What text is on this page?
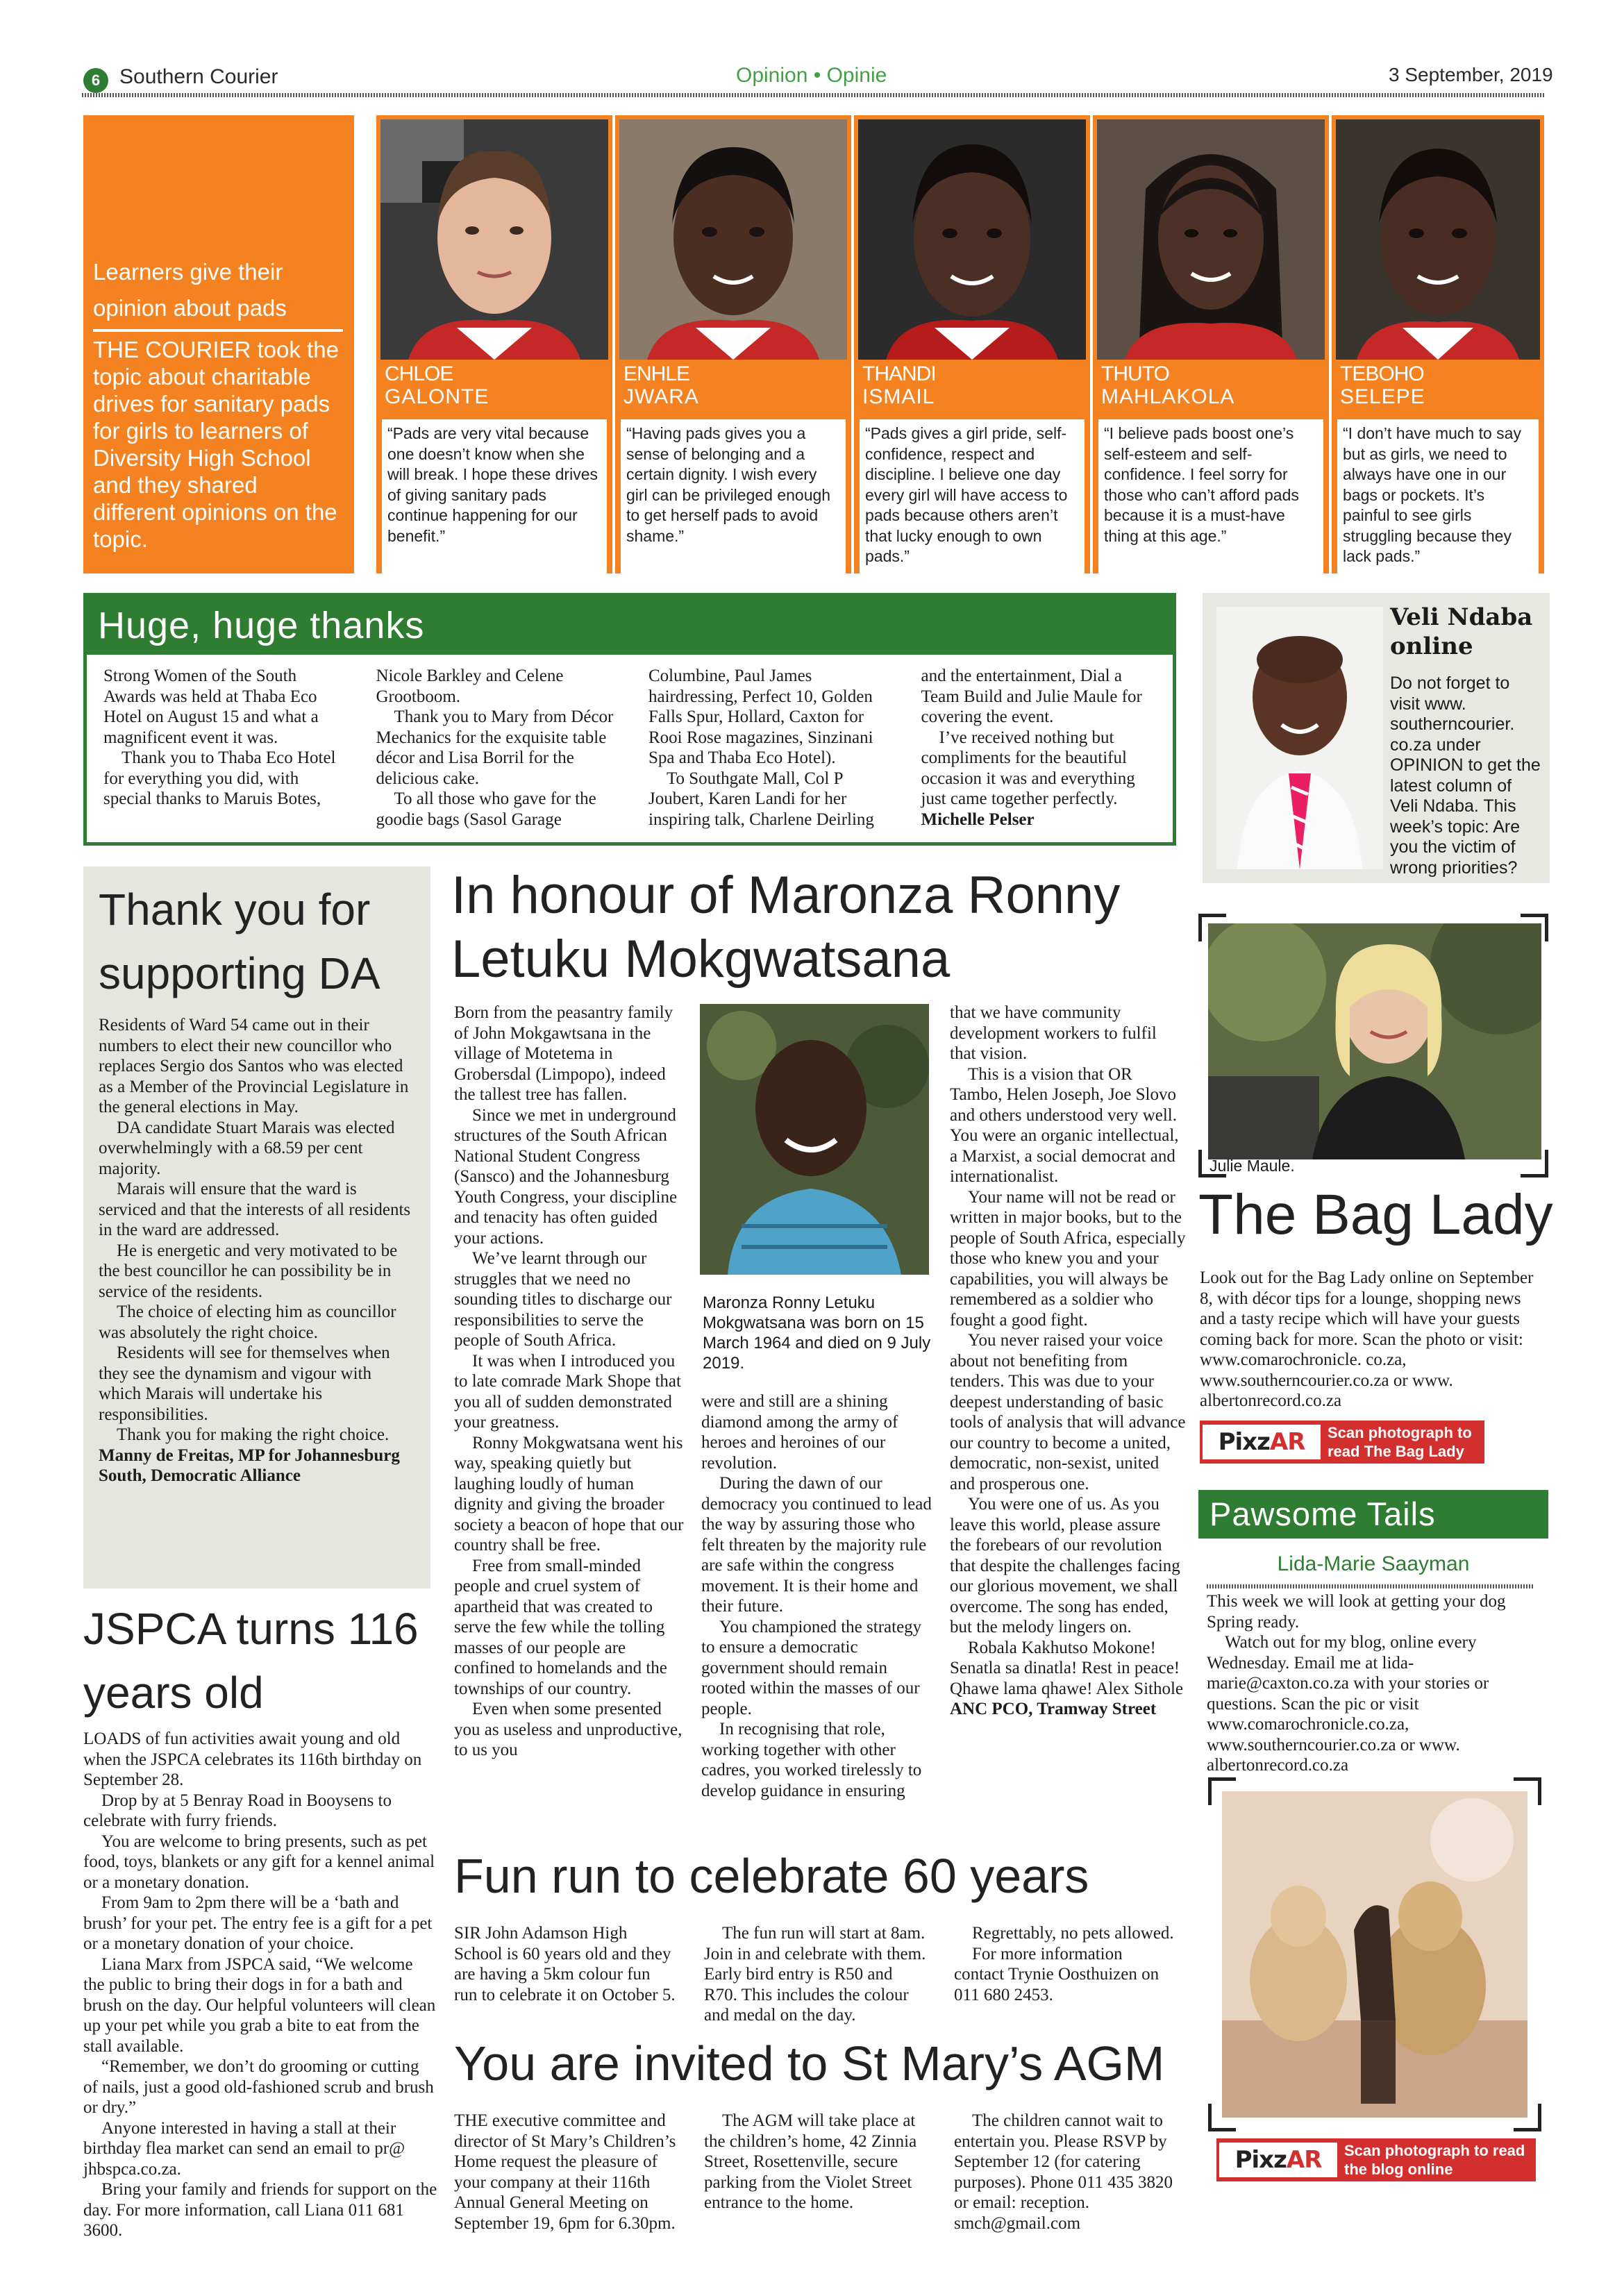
6 Southern Courier	Opinion • Opinie	3 September, 2019
Learners give their opinion about pads
THE COURIER took the topic about charitable drives for sanitary pads for girls to learners of Diversity High School and they shared different opinions on the topic.
CHLOE
GALONTE
“Pads are very vital because one doesn’t know when she will break. I hope these drives of giving sanitary pads continue happening for our benefit.”
ENHLE
JWARA
“Having pads gives you a sense of belonging and a certain dignity. I wish every girl can be privileged enough to get herself pads to avoid shame.”
THANDI
ISMAIL
“Pads gives a girl pride, self-confidence, respect and discipline. I believe one day every girl will have access to pads because others aren’t that lucky enough to own pads.”
THUTO
MAHLAKOLA
“I believe pads boost one’s self-esteem and self-confidence. I feel sorry for those who can’t afford pads because it is a must-have thing at this age.”
TEBOHO
SELEPE
“I don’t have much to say but as girls, we need to always have one in our bags or pockets. It’s painful to see girls struggling because they lack pads.”
Huge, huge thanks

Strong Women of the South Awards was held at Thaba Eco Hotel on August 15 and what a magnificent event it was.

Thank you to Thaba Eco Hotel for everything you did, with special thanks to Maruis Botes, Nicole Barkley and Celene Grootboom.

Thank you to Mary from Décor Mechanics for the exquisite table décor and Lisa Borril for the delicious cake.

To all those who gave for the goodie bags (Sasol Garage Columbine, Paul James hairdressing, Perfect 10, Golden Falls Spur, Hollard, Caxton for Rooi Rose magazines, Sinzinani Spa and Thaba Eco Hotel).

To Southgate Mall, Col P Joubert, Karen Landi for her inspiring talk, Charlene Deirling and the entertainment, Dial a Team Build and Julie Maule for covering the event.

I’ve received nothing but compliments for the beautiful occasion it was and everything just came together perfectly.

Michelle Pelser

Veli Ndaba online
Do not forget to visit www. southerncourier. co.za under OPINION to get the latest column of Veli Ndaba. This week’s topic: Are you the victim of wrong priorities?
Thank you for supporting DA

Residents of Ward 54 came out in their numbers to elect their new councillor who replaces Sergio dos Santos who was elected as a Member of the Provincial Legislature in the general elections in May.

DA candidate Stuart Marais was elected overwhelmingly with a 68.59 per cent majority.

Marais will ensure that the ward is serviced and that the interests of all residents in the ward are addressed.

He is energetic and very motivated to be the best councillor he can possibility be in service of the residents.

The choice of electing him as councillor was absolutely the right choice.

Residents will see for themselves when they see the dynamism and vigour with which Marais will undertake his responsibilities.

Thank you for making the right choice.

Manny de Freitas, MP for Johannesburg South, Democratic Alliance

JSPCA turns 116 years old

LOADS of fun activities await young and old when the JSPCA celebrates its 116th birthday on September 28.

Drop by at 5 Benray Road in Booysens to celebrate with furry friends.

You are welcome to bring presents, such as pet food, toys, blankets or any gift for a kennel animal or a monetary donation.

From 9am to 2pm there will be a ‘bath and brush’ for your pet. The entry fee is a gift for a pet or a monetary donation of your choice.

Liana Marx from JSPCA said, “We welcome the public to bring their dogs in for a bath and brush on the day. Our helpful volunteers will clean up your pet while you grab a bite to eat from the stall available.

“Remember, we don’t do grooming or cutting of nails, just a good old-fashioned scrub and brush or dry.”

Anyone interested in having a stall at their birthday flea market can send an email to pr@ jhbspca.co.za.

Bring your family and friends for support on the day. For more information, call Liana 011 681 3600.

In honour of Maronza Ronny Letuku Mokgwatsana

Born from the peasantry family of John Mokgawtsana in the village of Motetema in Grobersdal (Limpopo), indeed the tallest tree has fallen.

Since we met in underground structures of the South African National Student Congress (Sansco) and the Johannesburg Youth Congress, your discipline and tenacity has often guided your actions.

We’ve learnt through our struggles that we need no sounding titles to discharge our responsibilities to serve the people of South Africa.

It was when I introduced you to late comrade Mark Shope that you all of sudden demonstrated your greatness.

Ronny Mokgwatsana went his way, speaking quietly but laughing loudly of human dignity and giving the broader society a beacon of hope that our country shall be free.

Free from small-minded people and cruel system of apartheid that was created to serve the few while the tolling masses of our people are confined to homelands and the townships of our country.

Even when some presented you as useless and unproductive, to us you

Maronza Ronny Letuku Mokgwatsana was born on 15 March 1964 and died on 9 July 2019.

were and still are a shining diamond among the army of heroes and heroines of our revolution.

During the dawn of our democracy you continued to lead the way by assuring those who felt threaten by the majority rule are safe within the congress movement. It is their home and their future.

You championed the strategy to ensure a democratic government should remain rooted within the masses of our people.

In recognising that role, working together with other cadres, you worked tirelessly to develop guidance in ensuring

that we have community development workers to fulfil that vision.

This is a vision that OR Tambo, Helen Joseph, Joe Slovo and others understood very well. You were an organic intellectual, a Marxist, a social democrat and internationalist.

Your name will not be read or written in major books, but to the people of South Africa, especially those who knew you and your capabilities, you will always be remembered as a soldier who fought a good fight.

You never raised your voice about not benefiting from tenders. This was due to your deepest understanding of basic tools of analysis that will advance our country to become a united, democratic, non-sexist, united and prosperous one.

You were one of us. As you leave this world, please assure the forebears of our revolution that despite the challenges facing our glorious movement, we shall overcome. The song has ended, but the melody lingers on.

Robala Kakhutso Mokone! Senatla sa dinatla! Rest in peace! Qhawe lama qhawe! Alex Sithole

ANC PCO, Tramway Street

Fun run to celebrate 60 years

SIR John Adamson High School is 60 years old and they are having a 5km colour fun run to celebrate it on October 5.

The fun run will start at 8am. Join in and celebrate with them. Early bird entry is R50 and R70. This includes the colour and medal on the day.

Regrettably, no pets allowed.

For more information contact Trynie Oosthuizen on 011 680 2453.

You are invited to St Mary’s AGM

THE executive committee and director of St Mary’s Children’s Home request the pleasure of your company at their 116th Annual General Meeting on September 19, 6pm for 6.30pm.

The AGM will take place at the children’s home, 42 Zinnia Street, Rosettenville, secure parking from the Violet Street entrance to the home.

The children cannot wait to entertain you. Please RSVP by September 12 (for catering purposes). Phone 011 435 3820 or email: reception. smch@gmail.com

Julie Maule.
The Bag Lady

Look out for the Bag Lady online on September 8, with décor tips for a lounge, shopping news and a tasty recipe which will have your guests coming back for more. Scan the photo or visit: www.comarochronicle. co.za, www.southerncourier.co.za or www. albertonrecord.co.za

PixzAR	Scan photograph to read The Bag Lady online
Pawsome Tails
Lida-Marie Saayman

This week we will look at getting your dog Spring ready.

Watch out for my blog, online every Wednesday. Email me at lida-marie@caxton.co.za with your stories or questions. Scan the pic or visit www.comarochronicle.co.za, www.southerncourier.co.za or www. albertonrecord.co.za

PixzAR	Scan photograph to read the blog online
